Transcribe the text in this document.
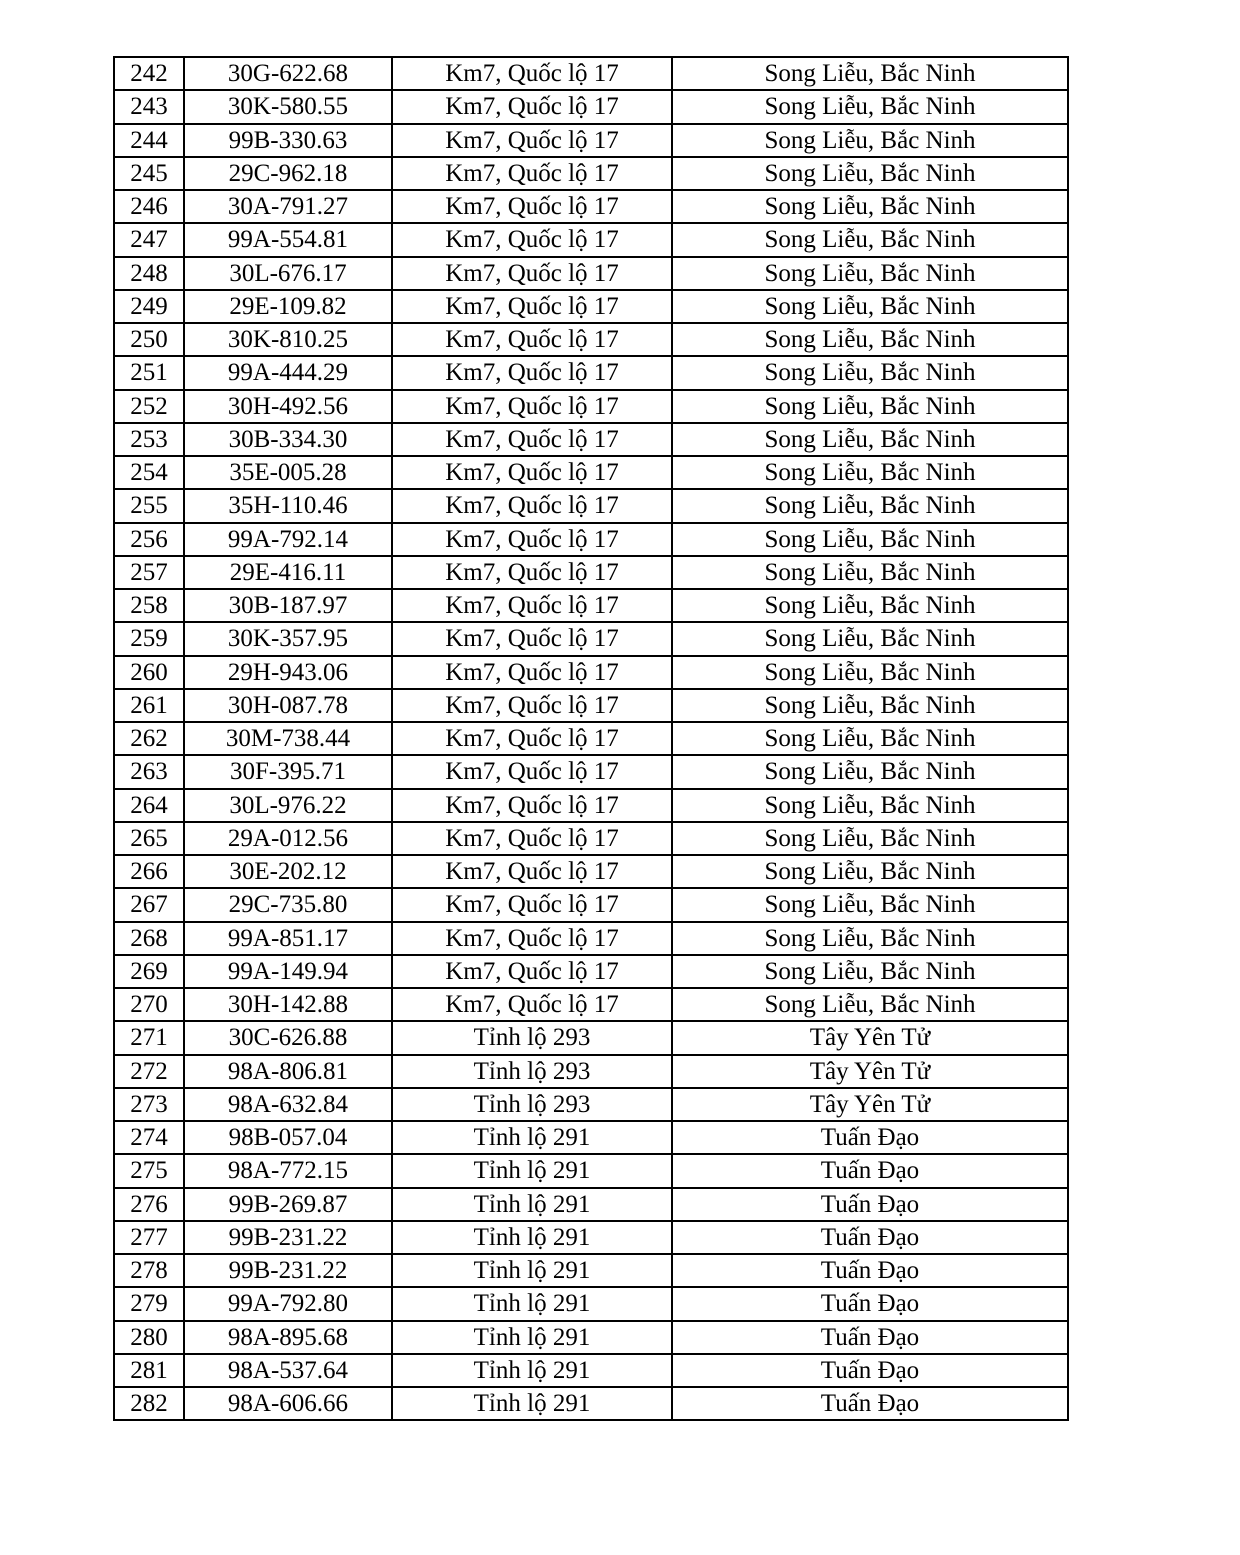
242	30G-622.68	Km7, Quốc lộ 17	Song Liễu, Bắc Ninh
243	30K-580.55	Km7, Quốc lộ 17	Song Liễu, Bắc Ninh
244	99B-330.63	Km7, Quốc lộ 17	Song Liễu, Bắc Ninh
245	29C-962.18	Km7, Quốc lộ 17	Song Liễu, Bắc Ninh
246	30A-791.27	Km7, Quốc lộ 17	Song Liễu, Bắc Ninh
247	99A-554.81	Km7, Quốc lộ 17	Song Liễu, Bắc Ninh
248	30L-676.17	Km7, Quốc lộ 17	Song Liễu, Bắc Ninh
249	29E-109.82	Km7, Quốc lộ 17	Song Liễu, Bắc Ninh
250	30K-810.25	Km7, Quốc lộ 17	Song Liễu, Bắc Ninh
251	99A-444.29	Km7, Quốc lộ 17	Song Liễu, Bắc Ninh
252	30H-492.56	Km7, Quốc lộ 17	Song Liễu, Bắc Ninh
253	30B-334.30	Km7, Quốc lộ 17	Song Liễu, Bắc Ninh
254	35E-005.28	Km7, Quốc lộ 17	Song Liễu, Bắc Ninh
255	35H-110.46	Km7, Quốc lộ 17	Song Liễu, Bắc Ninh
256	99A-792.14	Km7, Quốc lộ 17	Song Liễu, Bắc Ninh
257	29E-416.11	Km7, Quốc lộ 17	Song Liễu, Bắc Ninh
258	30B-187.97	Km7, Quốc lộ 17	Song Liễu, Bắc Ninh
259	30K-357.95	Km7, Quốc lộ 17	Song Liễu, Bắc Ninh
260	29H-943.06	Km7, Quốc lộ 17	Song Liễu, Bắc Ninh
261	30H-087.78	Km7, Quốc lộ 17	Song Liễu, Bắc Ninh
262	30M-738.44	Km7, Quốc lộ 17	Song Liễu, Bắc Ninh
263	30F-395.71	Km7, Quốc lộ 17	Song Liễu, Bắc Ninh
264	30L-976.22	Km7, Quốc lộ 17	Song Liễu, Bắc Ninh
265	29A-012.56	Km7, Quốc lộ 17	Song Liễu, Bắc Ninh
266	30E-202.12	Km7, Quốc lộ 17	Song Liễu, Bắc Ninh
267	29C-735.80	Km7, Quốc lộ 17	Song Liễu, Bắc Ninh
268	99A-851.17	Km7, Quốc lộ 17	Song Liễu, Bắc Ninh
269	99A-149.94	Km7, Quốc lộ 17	Song Liễu, Bắc Ninh
270	30H-142.88	Km7, Quốc lộ 17	Song Liễu, Bắc Ninh
271	30C-626.88	Tỉnh lộ 293	Tây Yên Tử
272	98A-806.81	Tỉnh lộ 293	Tây Yên Tử
273	98A-632.84	Tỉnh lộ 293	Tây Yên Tử
274	98B-057.04	Tỉnh lộ 291	Tuấn Đạo
275	98A-772.15	Tỉnh lộ 291	Tuấn Đạo
276	99B-269.87	Tỉnh lộ 291	Tuấn Đạo
277	99B-231.22	Tỉnh lộ 291	Tuấn Đạo
278	99B-231.22	Tỉnh lộ 291	Tuấn Đạo
279	99A-792.80	Tỉnh lộ 291	Tuấn Đạo
280	98A-895.68	Tỉnh lộ 291	Tuấn Đạo
281	98A-537.64	Tỉnh lộ 291	Tuấn Đạo
282	98A-606.66	Tỉnh lộ 291	Tuấn Đạo
